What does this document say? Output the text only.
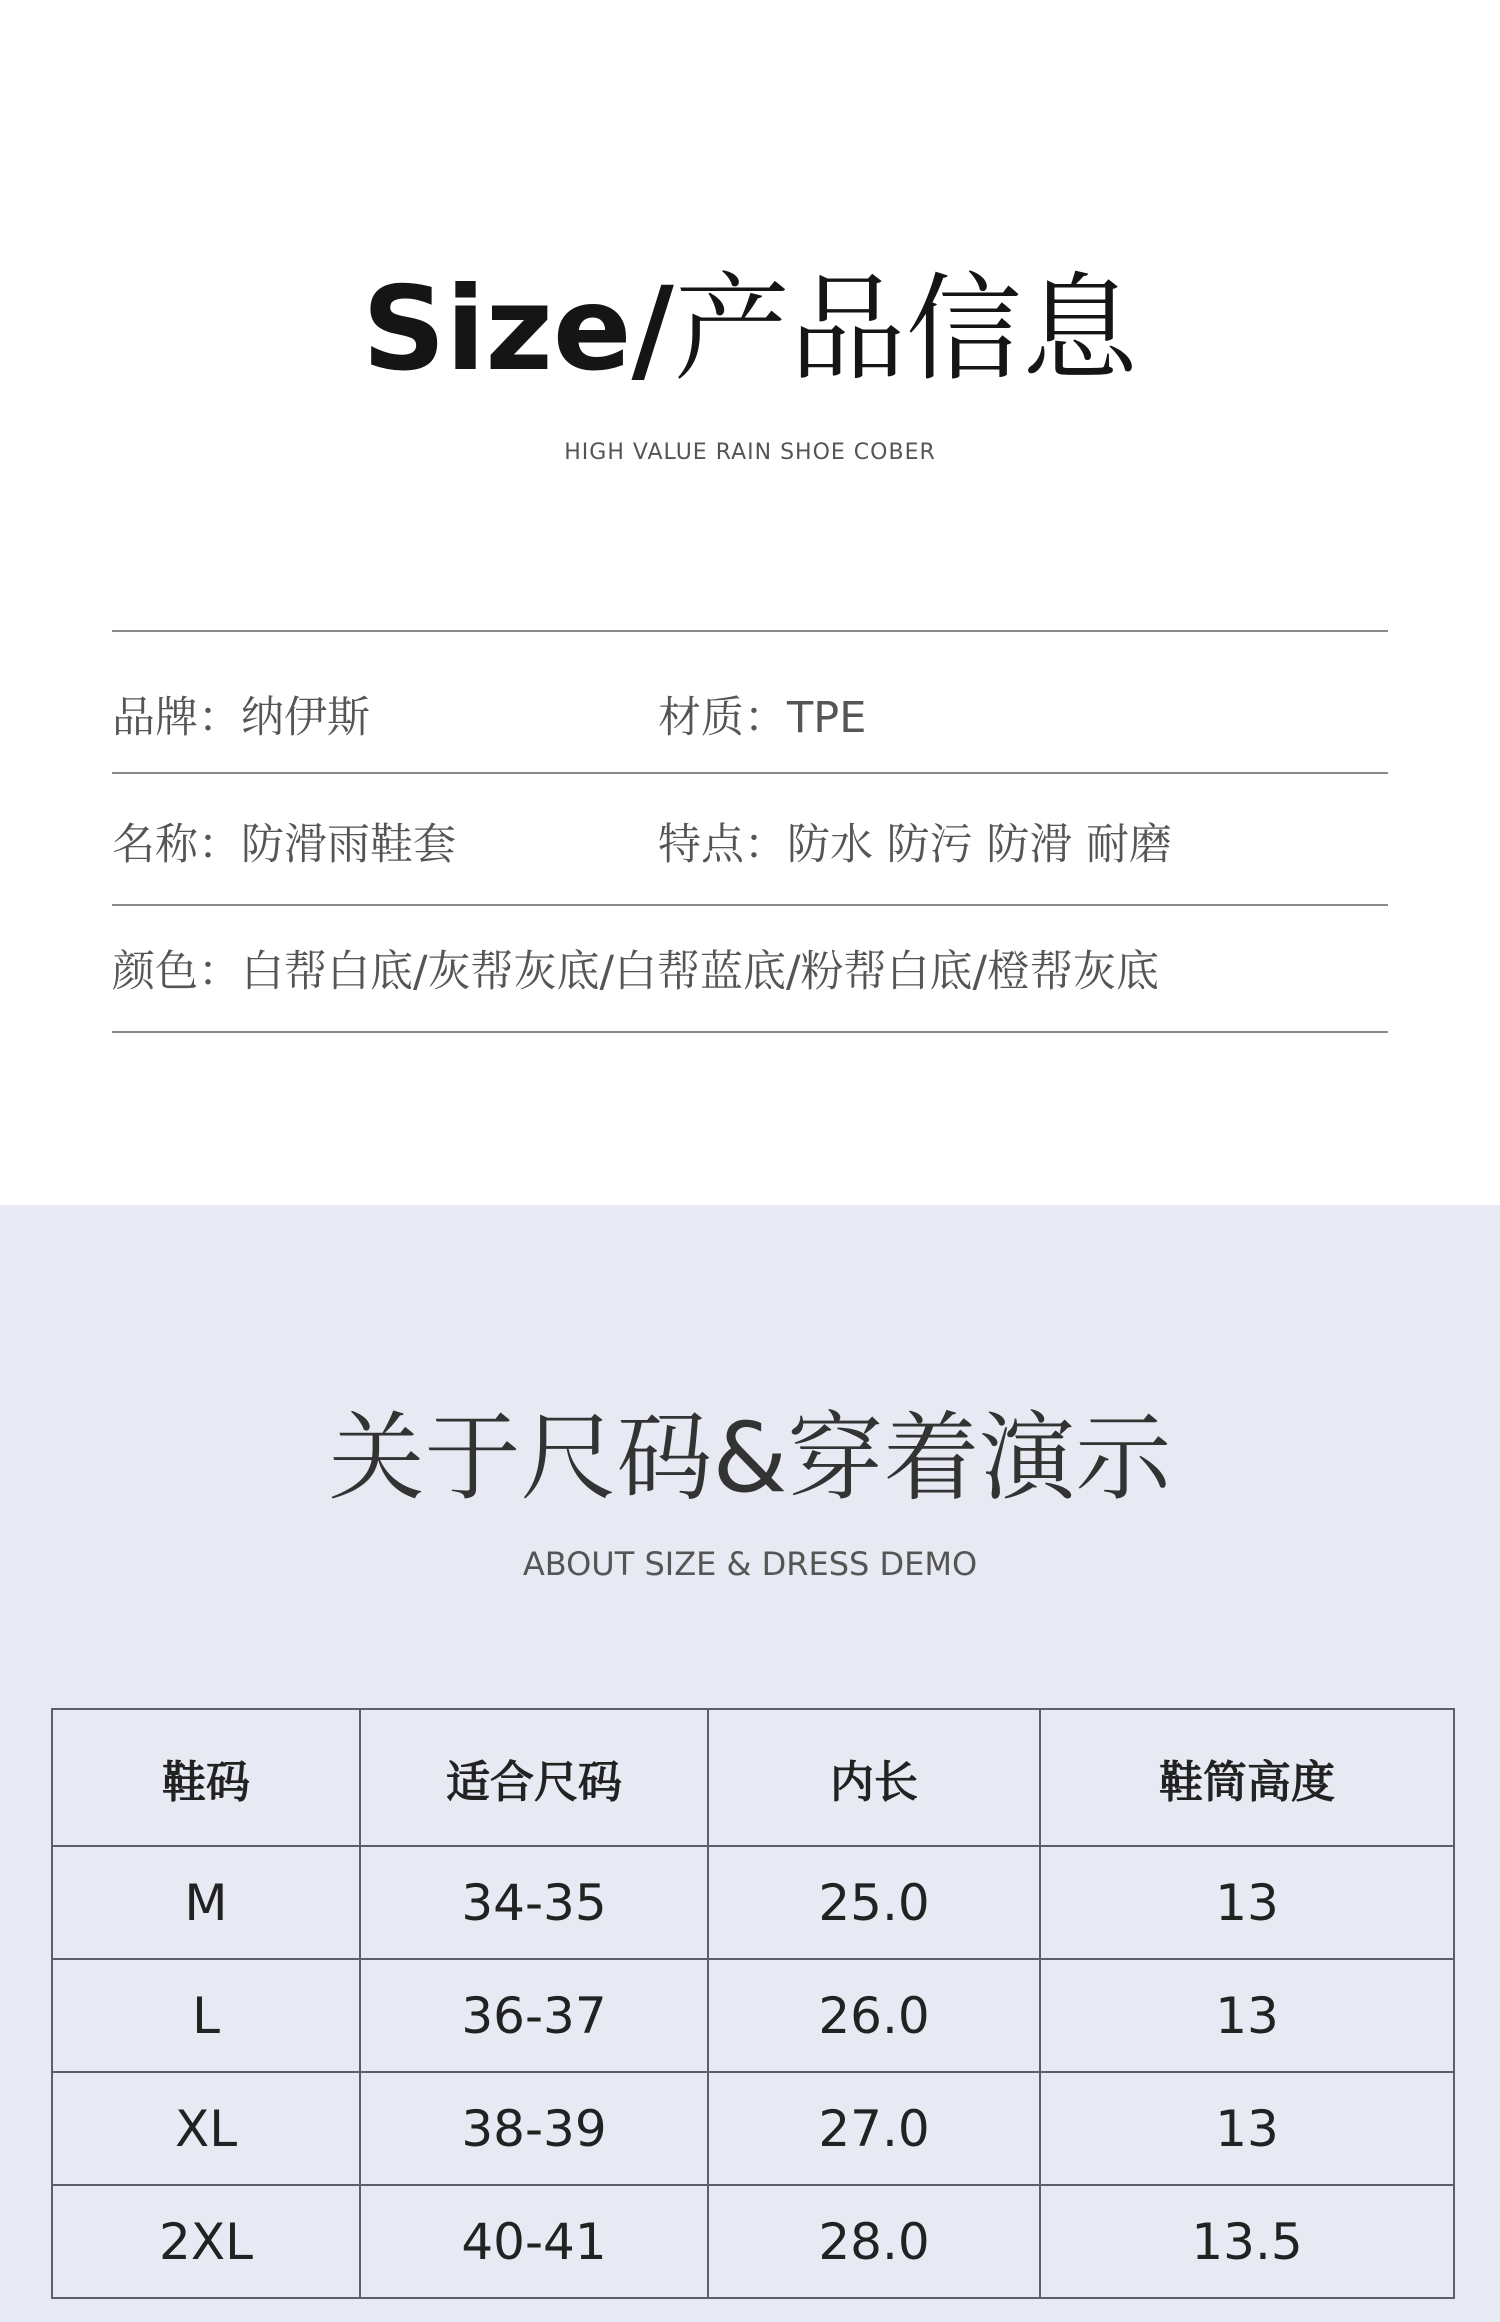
Size/产品信息
HIGH VALUE RAIN SHOE COBER
品牌：纳伊斯	材质：TPE
名称：防滑雨鞋套	特点：防水 防污 防滑 耐磨
颜色：白帮白底/灰帮灰底/白帮蓝底/粉帮白底/橙帮灰底
关于尺码&穿着演示
ABOUT SIZE & DRESS DEMO
鞋码	适合尺码	内长	鞋筒高度
M	34-35	25.0	13
L	36-37	26.0	13
XL	38-39	27.0	13
2XL	40-41	28.0	13.5
